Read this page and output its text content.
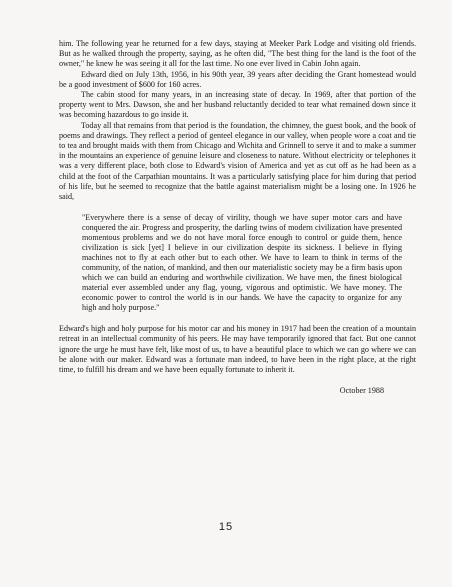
him. The following year he returned for a few days, staying at Meeker Park Lodge and visiting old friends. But as he walked through the property, saying, as he often did, "The best thing for the land is the foot of the owner," he knew he was seeing it all for the last time. No one ever lived in Cabin John again.

Edward died on July 13th, 1956, in his 90th year, 39 years after deciding the Grant homestead would be a good investment of $600 for 160 acres.

The cabin stood for many years, in an increasing state of decay. In 1969, after that portion of the property went to Mrs. Dawson, she and her husband reluctantly decided to tear what remained down since it was becoming hazardous to go inside it.

Today all that remains from that period is the foundation, the chimney, the guest book, and the book of poems and drawings. They reflect a period of genteel elegance in our valley, when people wore a coat and tie to tea and brought maids with them from Chicago and Wichita and Grinnell to serve it and to make a summer in the mountains an experience of genuine leisure and closeness to nature. Without electricity or telephones it was a very different place, both close to Edward's vision of America and yet as cut off as he had been as a child at the foot of the Carpathian mountains. It was a particularly satisfying place for him during that period of his life, but he seemed to recognize that the battle against materialism might be a losing one. In 1926 he said,

"Everywhere there is a sense of decay of virility, though we have super motor cars and have conquered the air. Progress and prosperity, the darling twins of modern civilization have presented momentous problems and we do not have moral force enough to control or guide them, hence civilization is sick [yet] I believe in our civilization despite its sickness. I believe in flying machines not to fly at each other but to each other. We have to learn to think in terms of the community, of the nation, of mankind, and then our materialistic society may be a firm basis upon which we can build an enduring and worthwhile civilization. We have men, the finest biological material ever assembled under any flag, young, vigorous and optimistic. We have money. The economic power to control the world is in our hands. We have the capacity to organize for any high and holy purpose."

Edward's high and holy purpose for his motor car and his money in 1917 had been the creation of a mountain retreat in an intellectual community of his peers. He may have temporarily ignored that fact. But one cannot ignore the urge he must have felt, like most of us, to have a beautiful place to which we can go where we can be alone with our maker. Edward was a fortunate man indeed, to have been in the right place, at the right time, to fulfill his dream and we have been equally fortunate to inherit it.

October 1988
15
